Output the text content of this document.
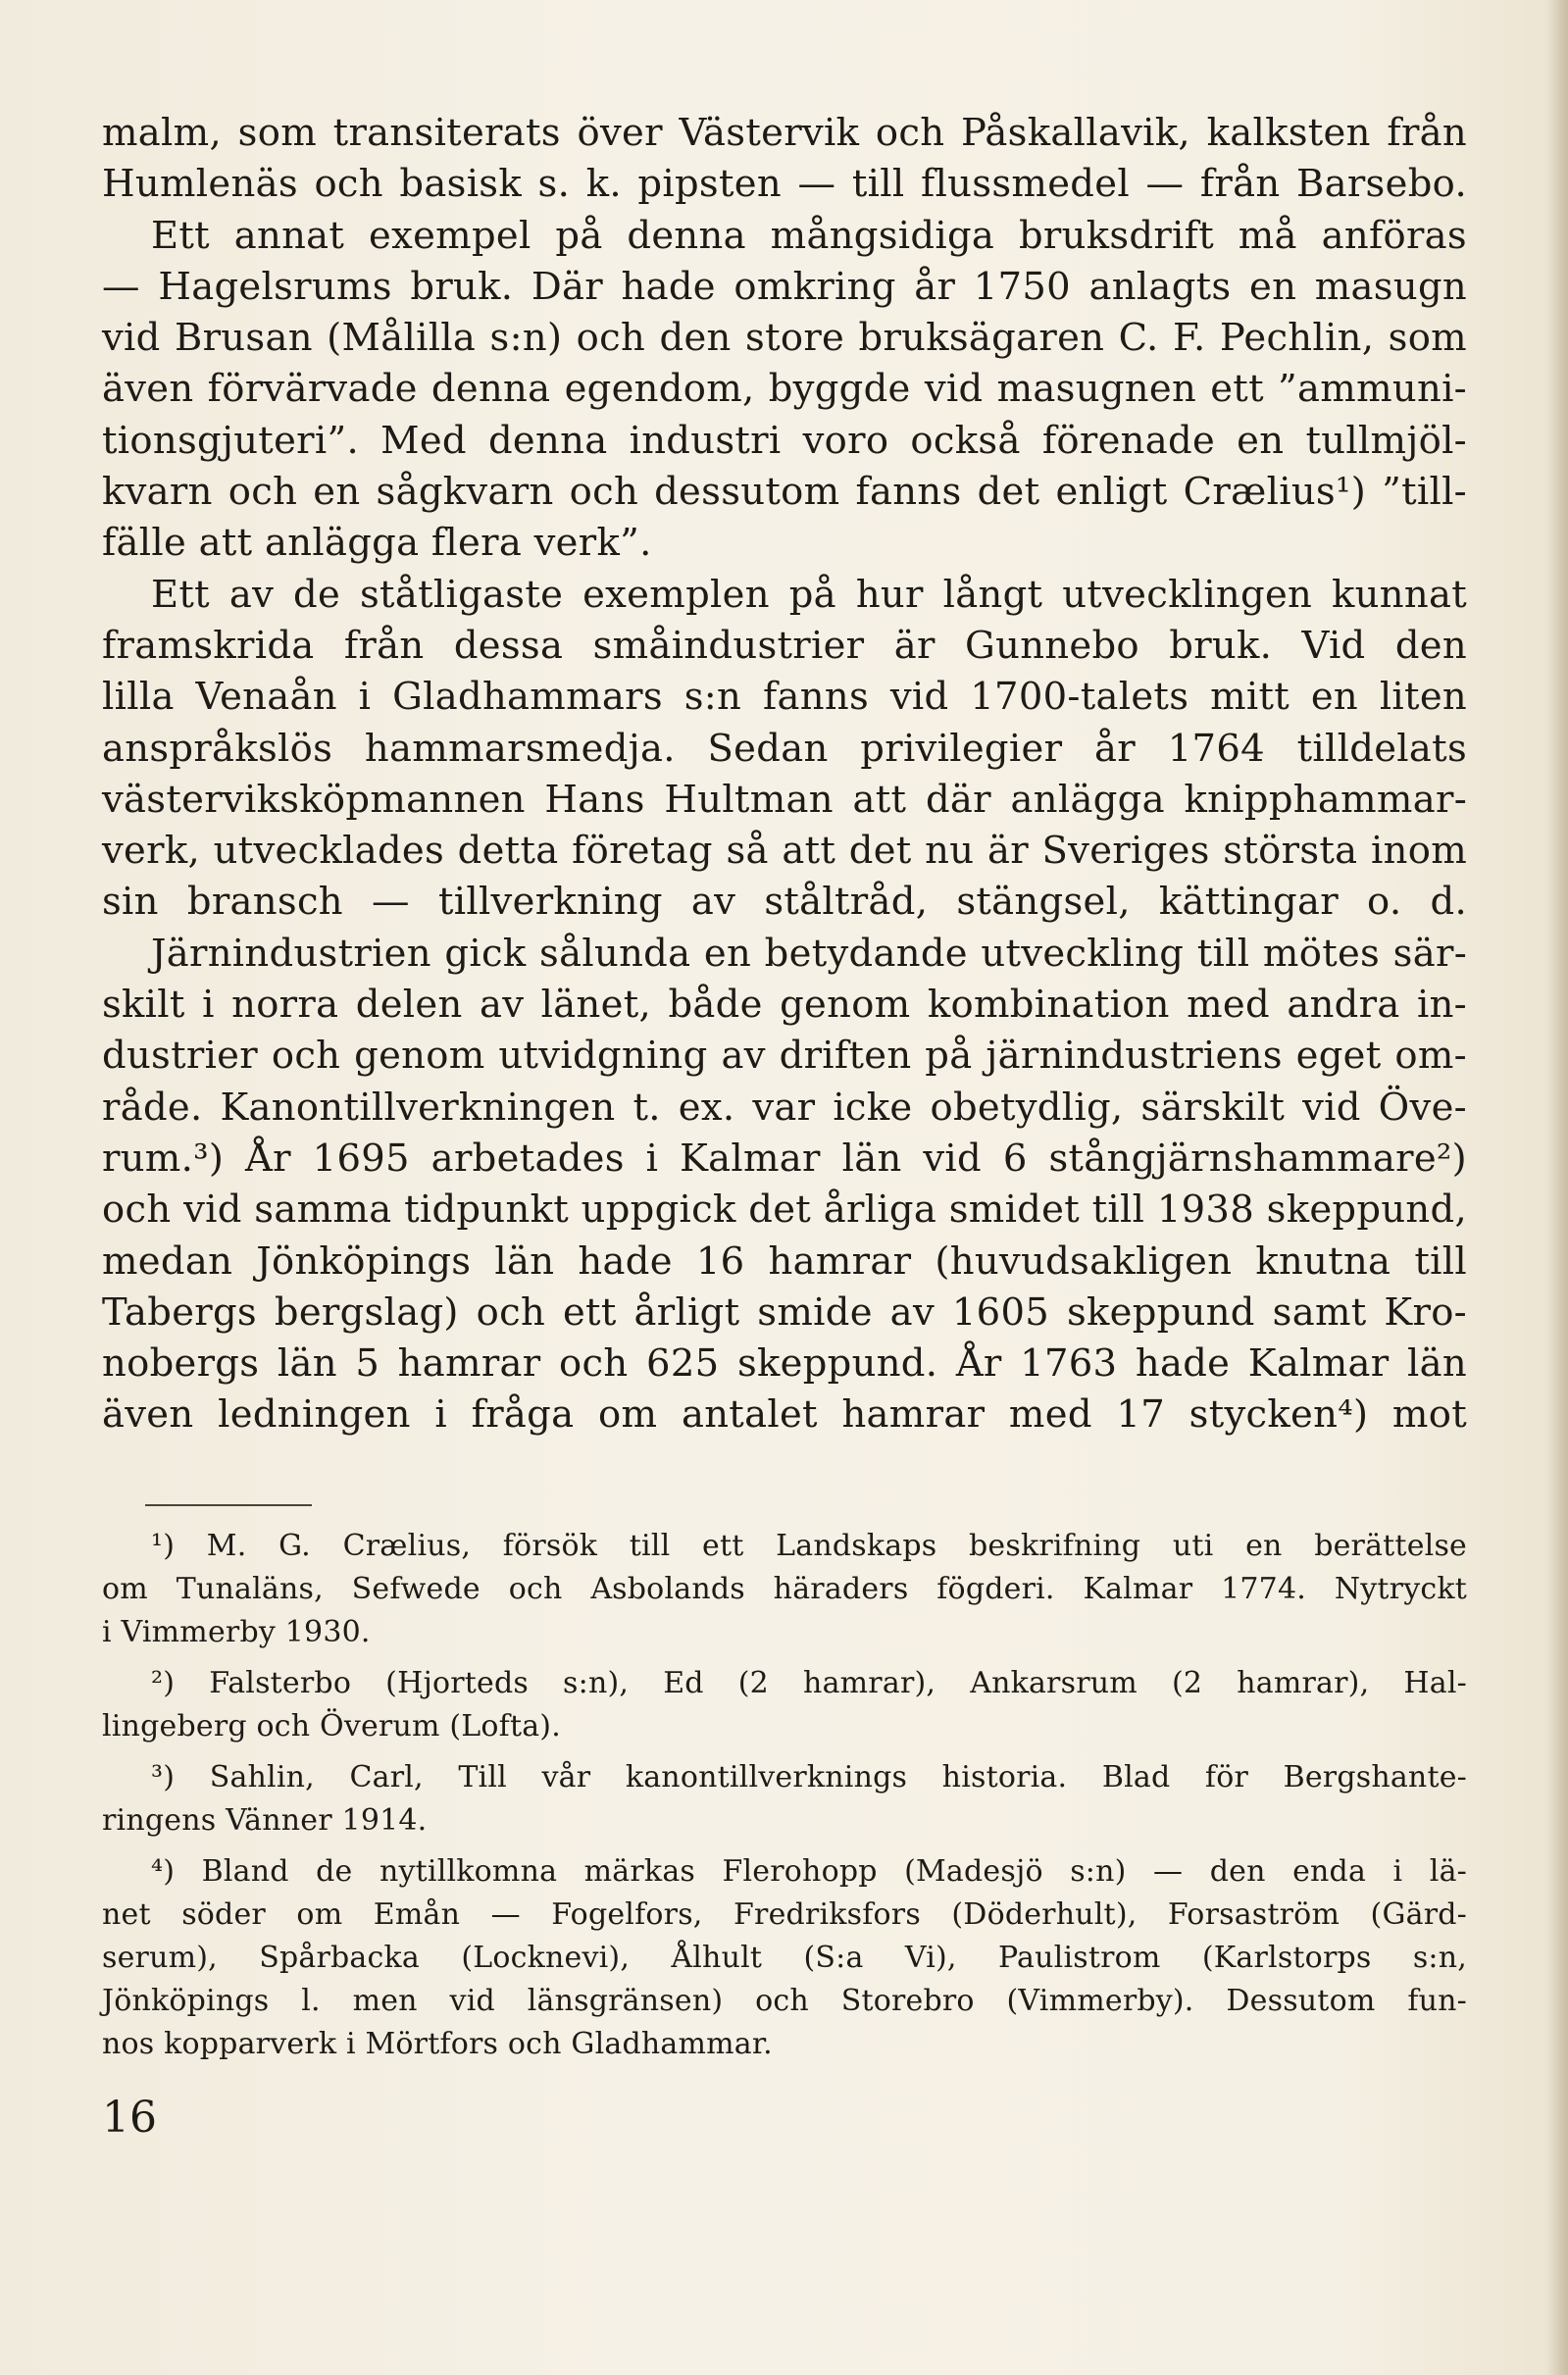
malm, som transiterats över Västervik och Påskallavik, kalksten från
Humlenäs och basisk s. k. pipsten — till flussmedel — från Barsebo.
Ett annat exempel på denna mångsidiga bruksdrift må anföras
— Hagelsrums bruk. Där hade omkring år 1750 anlagts en masugn
vid Brusan (Målilla s:n) och den store bruksägaren C. F. Pechlin, som
även förvärvade denna egendom, byggde vid masugnen ett ”ammuni-
tionsgjuteri”. Med denna industri voro också förenade en tullmjöl-
kvarn och en sågkvarn och dessutom fanns det enligt Crælius¹) ”till-
fälle att anlägga flera verk”.
Ett av de ståtligaste exemplen på hur långt utvecklingen kunnat
framskrida från dessa småindustrier är Gunnebo bruk. Vid den
lilla Venaån i Gladhammars s:n fanns vid 1700-talets mitt en liten
anspråkslös hammarsmedja. Sedan privilegier år 1764 tilldelats
västerviksköpmannen Hans Hultman att där anlägga knipphammar-
verk, utvecklades detta företag så att det nu är Sveriges största inom
sin bransch — tillverkning av ståltråd, stängsel, kättingar o. d.
Järnindustrien gick sålunda en betydande utveckling till mötes sär-
skilt i norra delen av länet, både genom kombination med andra in-
dustrier och genom utvidgning av driften på järnindustriens eget om-
råde. Kanontillverkningen t. ex. var icke obetydlig, särskilt vid Öve-
rum.³) År 1695 arbetades i Kalmar län vid 6 stångjärnshammare²)
och vid samma tidpunkt uppgick det årliga smidet till 1938 skeppund,
medan Jönköpings län hade 16 hamrar (huvudsakligen knutna till
Tabergs bergslag) och ett årligt smide av 1605 skeppund samt Kro-
nobergs län 5 hamrar och 625 skeppund. År 1763 hade Kalmar län
även ledningen i fråga om antalet hamrar med 17 stycken⁴) mot
¹) M. G. Crælius, försök till ett Landskaps beskrifning uti en berättelse
om Tunaläns, Sefwede och Asbolands häraders fögderi. Kalmar 1774. Nytryckt
i Vimmerby 1930.
²) Falsterbo (Hjorteds s:n), Ed (2 hamrar), Ankarsrum (2 hamrar), Hal-
lingeberg och Överum (Lofta).
³) Sahlin, Carl, Till vår kanontillverknings historia. Blad för Bergshante-
ringens Vänner 1914.
⁴) Bland de nytillkomna märkas Flerohopp (Madesjö s:n) — den enda i lä-
net söder om Emån — Fogelfors, Fredriksfors (Döderhult), Forsaström (Gärd-
serum), Spårbacka (Locknevi), Ålhult (S:a Vi), Paulistrom (Karlstorps s:n,
Jönköpings l. men vid länsgränsen) och Storebro (Vimmerby). Dessutom fun-
nos kopparverk i Mörtfors och Gladhammar.
16
